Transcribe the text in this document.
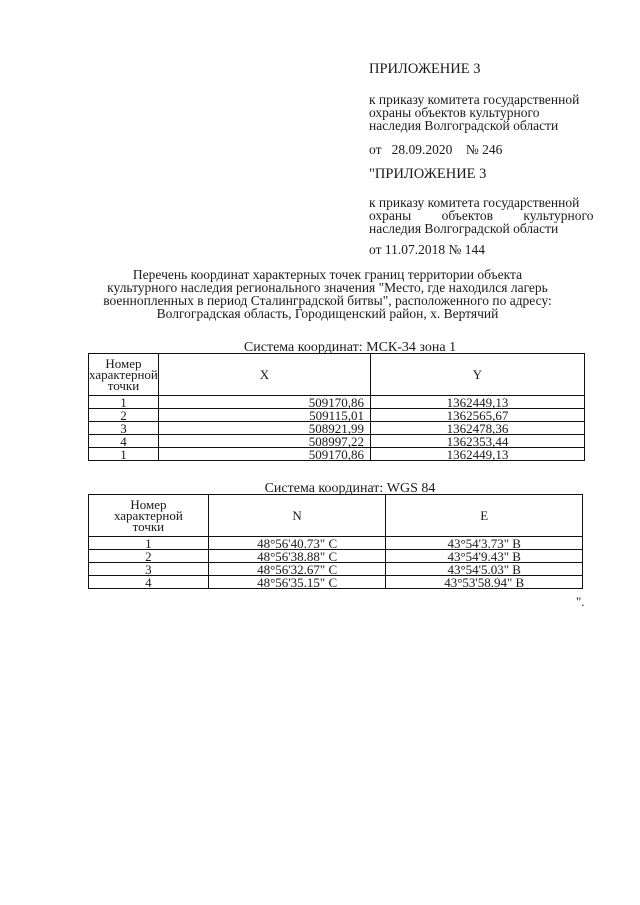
ПРИЛОЖЕНИЕ 3
к приказу комитета государственной
охраны объектов культурного
наследия Волгоградской области
от   28.09.2020    № 246
"ПРИЛОЖЕНИЕ 3
к приказу комитета государственной
охраны         объектов         культурного
наследия Волгоградской области
от 11.07.2018 № 144
Перечень координат характерных точек границ территории объекта
культурного наследия регионального значения "Место, где находился лагерь
военнопленных в период Сталинградской битвы", расположенного по адресу:
Волгоградская область, Городищенский район, х. Вертячий
Система координат: МСК-34 зона 1
Номер
характерной
точки	X	Y
1	509170,86	1362449,13
2	509115,01	1362565,67
3	508921,99	1362478,36
4	508997,22	1362353,44
1	509170,86	1362449,13
Система координат: WGS 84
Номер
характерной
точки	N	E
1	48°56'40.73" С	43°54'3.73" В
2	48°56'38.88" С	43°54'9.43" В
3	48°56'32.67" С	43°54'5.03" В
4	48°56'35.15" С	43°53'58.94" В
".
